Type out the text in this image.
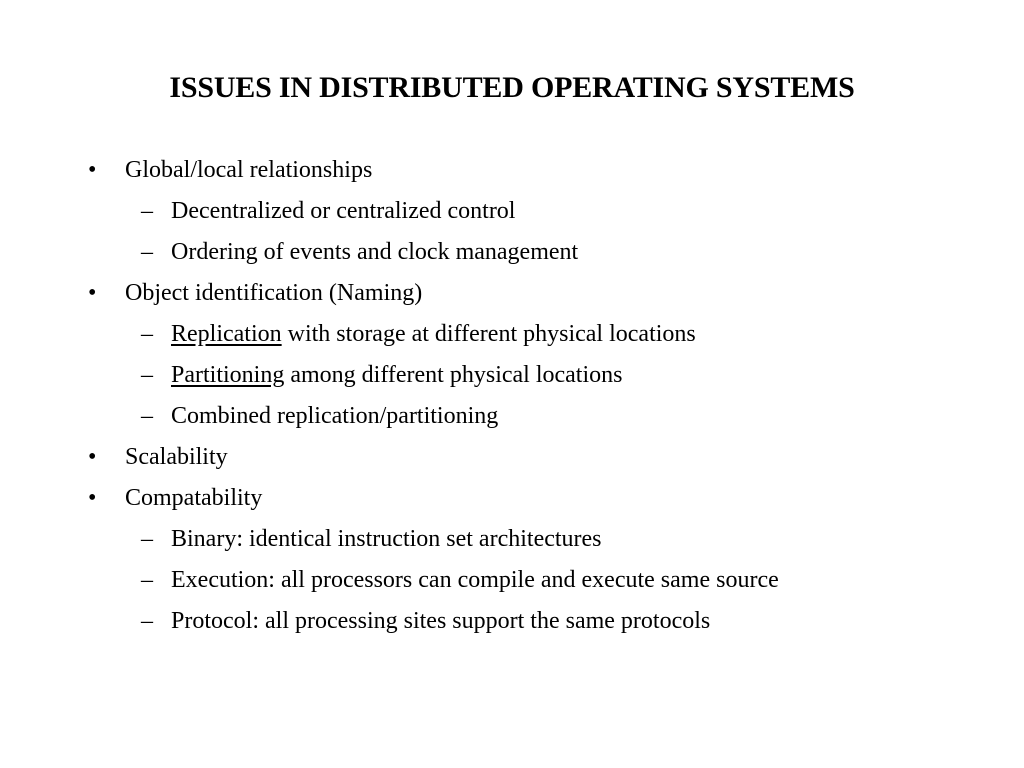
ISSUES IN DISTRIBUTED OPERATING SYSTEMS
• Global/local relationships
– Decentralized or centralized control
– Ordering of events and clock management
• Object identification (Naming)
– Replication with storage at different physical locations
– Partitioning among different physical locations
– Combined replication/partitioning
• Scalability
• Compatability
– Binary: identical instruction set architectures
– Execution: all processors can compile and execute same source
– Protocol: all processing sites support the same protocols
